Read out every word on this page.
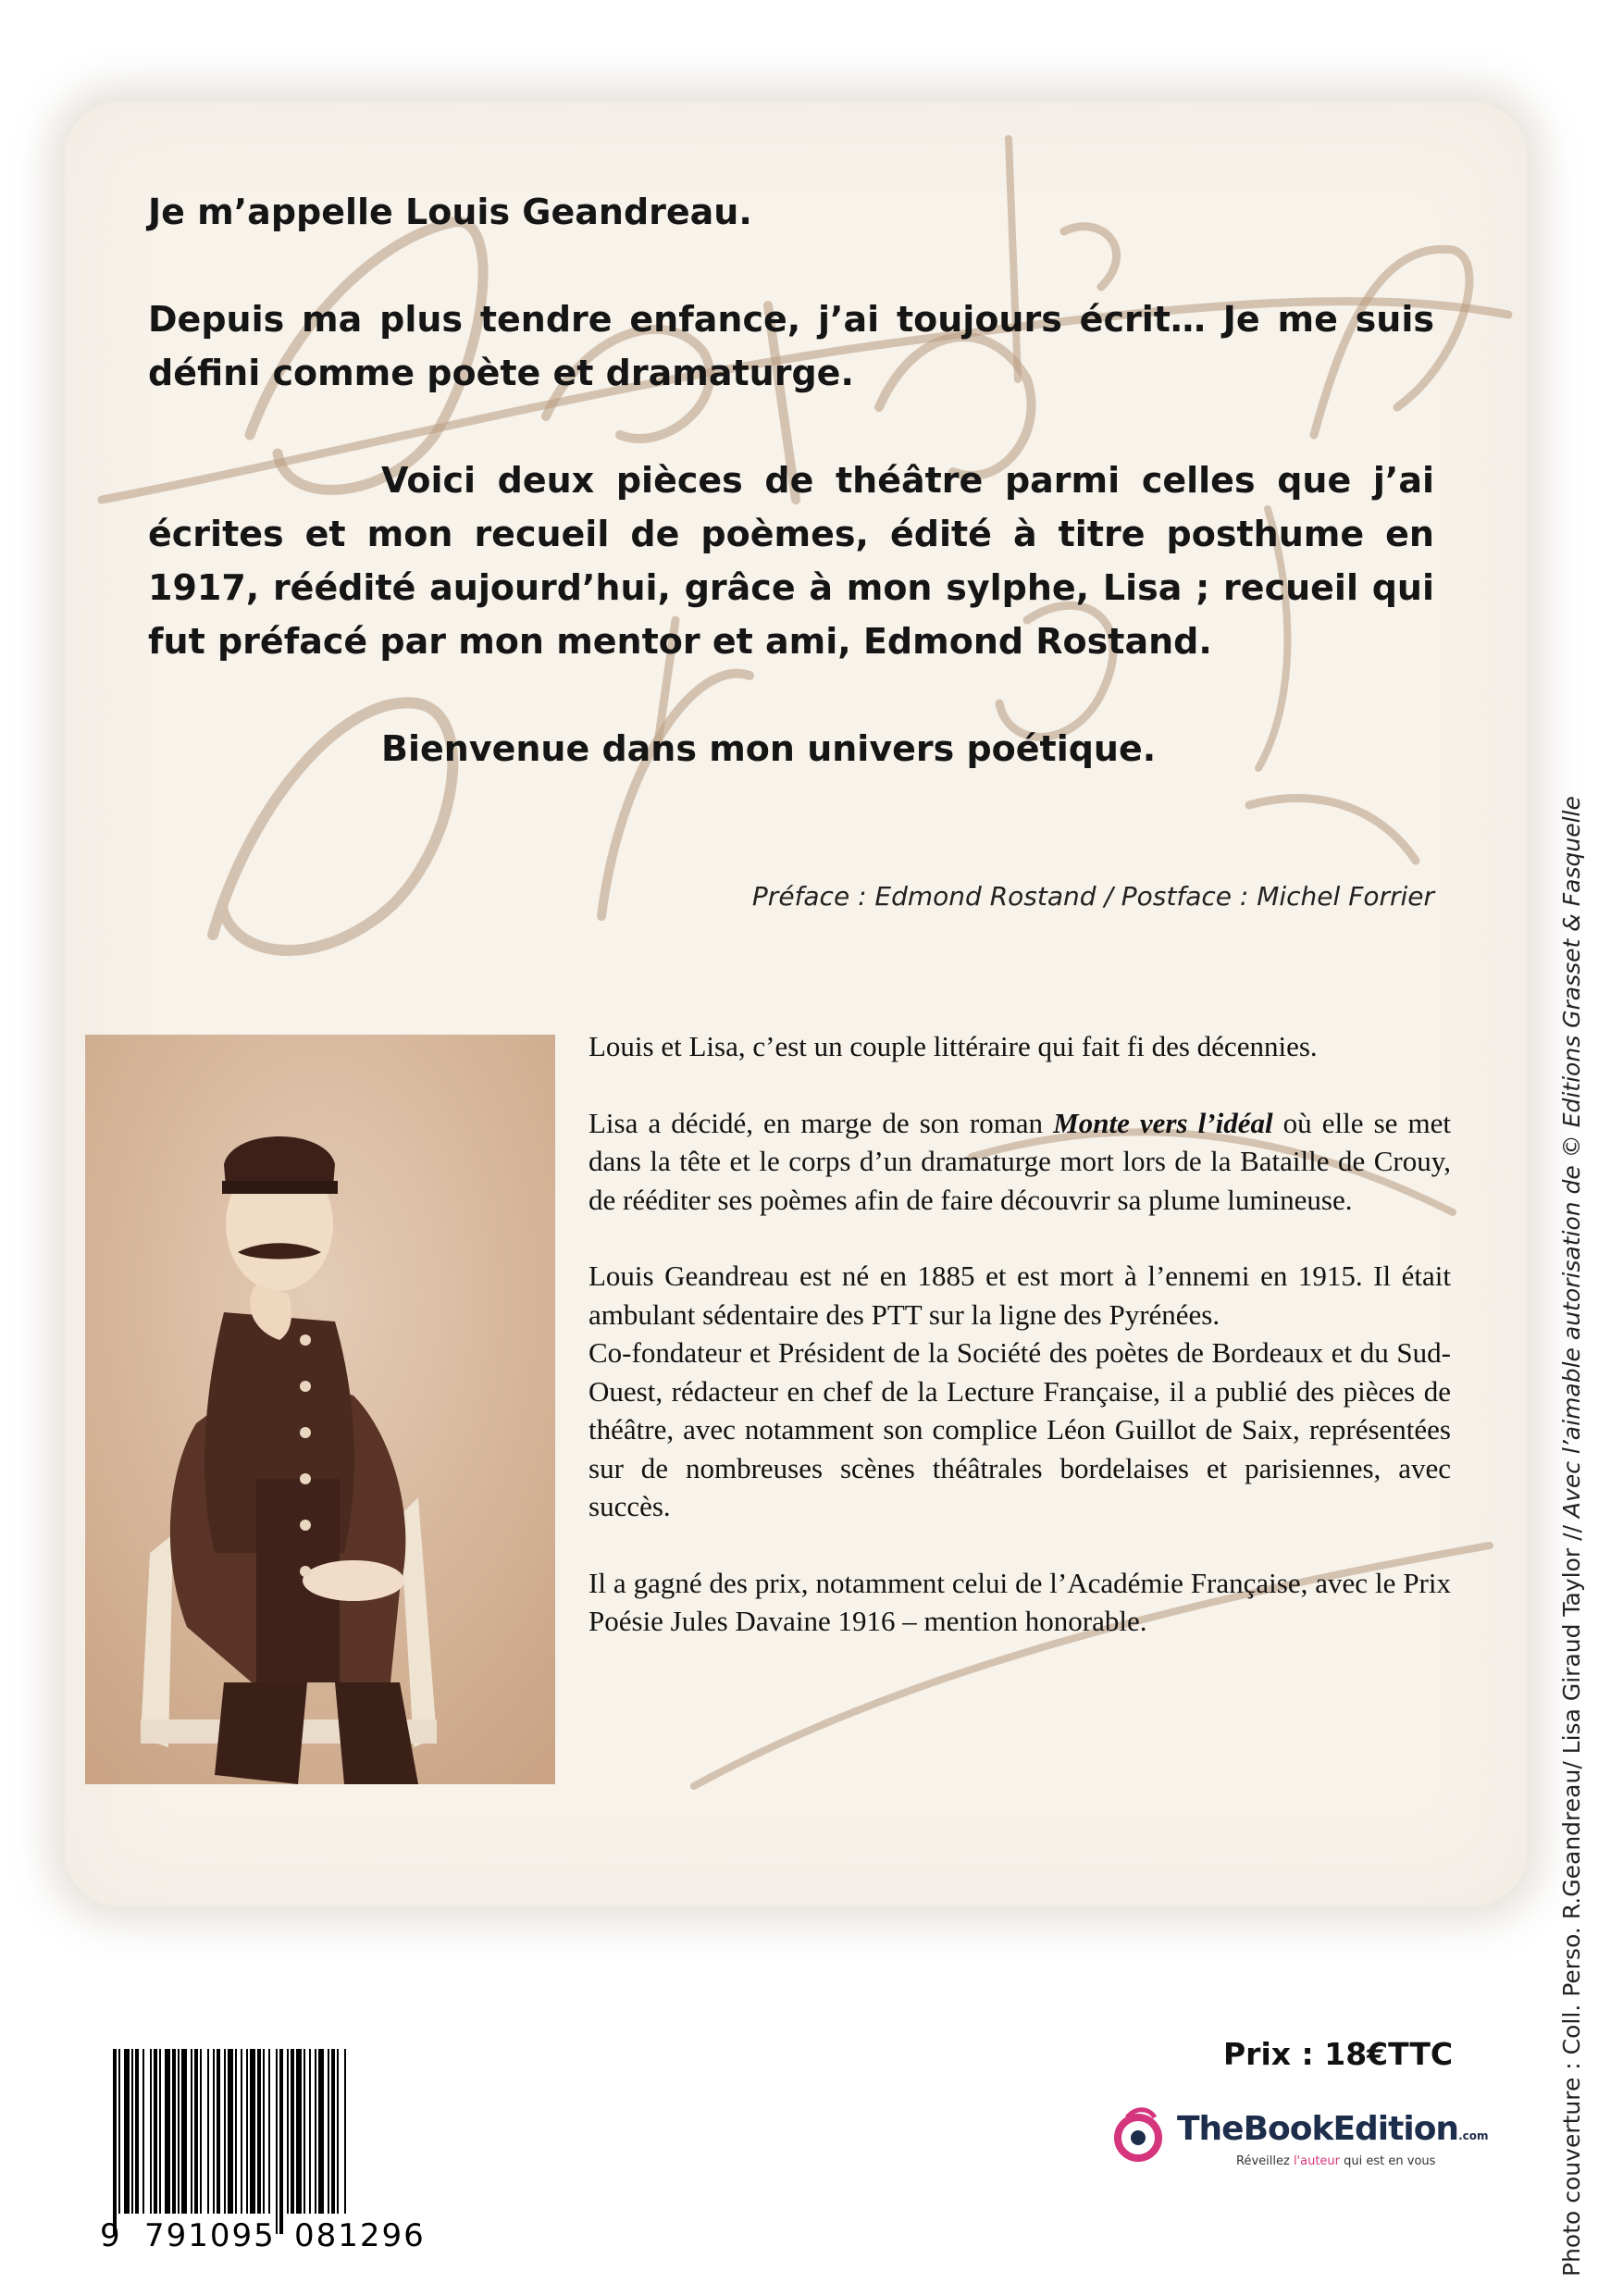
Je m’appelle Louis Geandreau.

Depuis ma plus tendre enfance, j’ai toujours écrit… Je me suis défini comme poète et dramaturge.

Voici deux pièces de théâtre parmi celles que j’ai écrites et mon recueil de poèmes, édité à titre posthume en 1917, réédité aujourd’hui, grâce à mon sylphe, Lisa ; recueil qui fut préfacé par mon mentor et ami, Edmond Rostand.

Bienvenue dans mon univers poétique.

Préface : Edmond Rostand / Postface : Michel Forrier

Louis et Lisa, c’est un couple littéraire qui fait fi des décennies.

Lisa a décidé, en marge de son roman Monte vers l’idéal où elle se met dans la tête et le corps d’un dramaturge mort lors de la Bataille de Crouy, de rééditer ses poèmes afin de faire découvrir sa plume lumineuse.

Louis Geandreau est né en 1885 et est mort à l’ennemi en 1915. Il était ambulant sédentaire des PTT sur la ligne des Pyrénées.

Co-fondateur et Président de la Société des poètes de Bordeaux et du Sud-Ouest, rédacteur en chef de la Lecture Française, il a publié des pièces de théâtre, avec notamment son complice Léon Guillot de Saix, représentées sur de nombreuses scènes théâtrales bordelaises et parisiennes, avec succès.

Il a gagné des prix, notamment celui de l’Académie Française, avec le Prix Poésie Jules Davaine 1916 – mention honorable.	Photo couverture : Coll. Perso. R.Geandreau/ Lisa Giraud Taylor // Avec l’aimable autorisation de © Editions Grasset & Fasquelle
9 791095 081296
Prix : 18€TTC
TheBookEdition.com
Réveillez l'auteur qui est en vous
